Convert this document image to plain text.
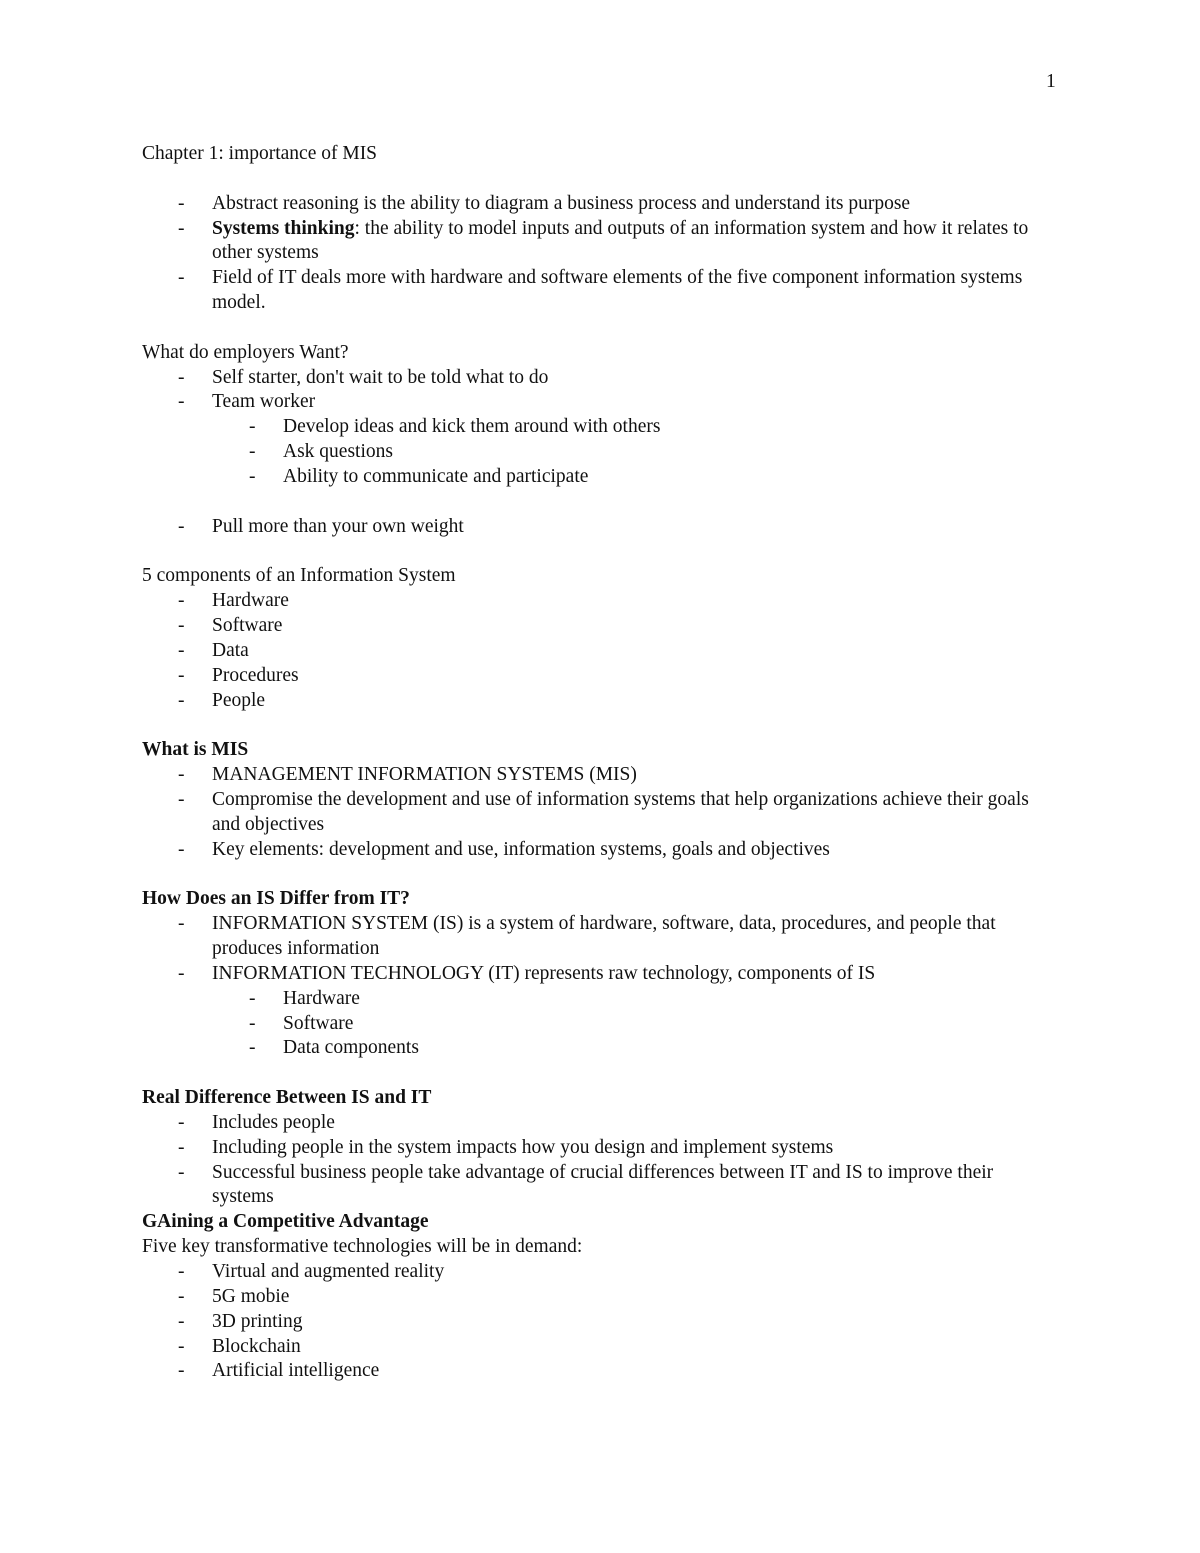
1
Chapter 1: importance of MIS
- Abstract reasoning is the ability to diagram a business process and understand its purpose
- Systems thinking: the ability to model inputs and outputs of an information system and how it relates to other systems
- Field of IT deals more with hardware and software elements of the five component information systems model.
What do employers Want?
- Self starter, don't wait to be told what to do
- Team worker
- Develop ideas and kick them around with others
- Ask questions
- Ability to communicate and participate
- Pull more than your own weight
5 components of an Information System
- Hardware
- Software
- Data
- Procedures
- People
What is MIS
- MANAGEMENT INFORMATION SYSTEMS (MIS)
- Compromise the development and use of information systems that help organizations achieve their goals and objectives
- Key elements: development and use, information systems, goals and objectives
How Does an IS Differ from IT?
- INFORMATION SYSTEM (IS) is a system of hardware, software, data, procedures, and people that produces information
- INFORMATION TECHNOLOGY (IT) represents raw technology, components of IS
- Hardware
- Software
- Data components
Real Difference Between IS and IT
- Includes people
- Including people in the system impacts how you design and implement systems
- Successful business people take advantage of crucial differences between IT and IS to improve their systems
GAining a Competitive Advantage
Five key transformative technologies will be in demand:
- Virtual and augmented reality
- 5G mobie
- 3D printing
- Blockchain
- Artificial intelligence
